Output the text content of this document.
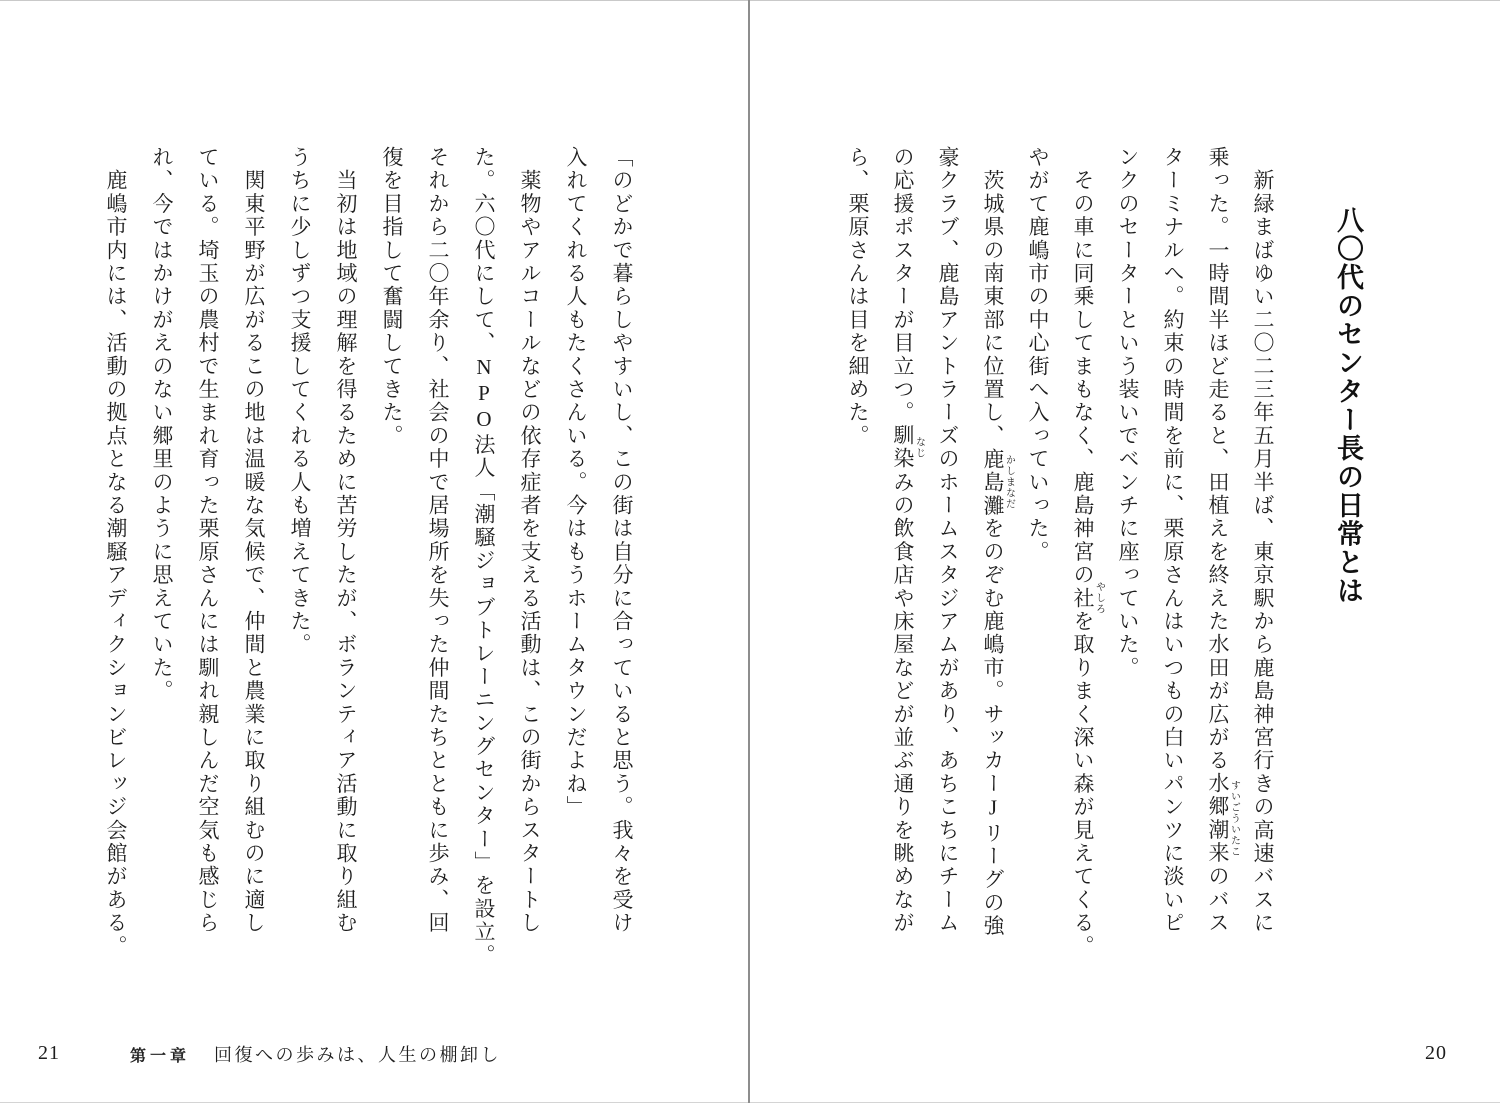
八〇代のセンター長の日常とは
　新緑まばゆい二〇二三年五月半ば、東京駅から鹿島神宮行きの高速バスに
乗った。一時間半ほど走ると、田植えを終えた水田が広がる水郷潮来すいごういたこのバス
ターミナルへ。約束の時間を前に、栗原さんはいつもの白いパンツに淡いピ
ンクのセーターという装いでベンチに座っていた。
　その車に同乗してまもなく、鹿島神宮の社やしろを取りまく深い森が見えてくる。
やがて鹿嶋市の中心街へ入っていった。
　茨城県の南東部に位置し、鹿島灘かしまなだをのぞむ鹿嶋市。サッカーJリーグの強
豪クラブ、鹿島アントラーズのホームスタジアムがあり、あちこちにチーム
の応援ポスターが目立つ。馴染なじみの飲食店や床屋などが並ぶ通りを眺めなが
ら、栗原さんは目を細めた。
20
「のどかで暮らしやすいし、この街は自分に合っていると思う。我々を受け
入れてくれる人もたくさんいる。今はもうホームタウンだよね」
　薬物やアルコールなどの依存症者を支える活動は、この街からスタートし
た。六〇代にして、NPO法人「潮騒ジョブトレーニングセンター」を設立。
それから二〇年余り、社会の中で居場所を失った仲間たちとともに歩み、回
復を目指して奮闘してきた。
　当初は地域の理解を得るために苦労したが、ボランティア活動に取り組む
うちに少しずつ支援してくれる人も増えてきた。
　関東平野が広がるこの地は温暖な気候で、仲間と農業に取り組むのに適し
ている。埼玉の農村で生まれ育った栗原さんには馴れ親しんだ空気も感じら
れ、今ではかけがえのない郷里のように思えていた。
　鹿嶋市内には、活動の拠点となる潮騒アディクションビレッジ会館がある。
第一章 回復への歩みは、人生の棚卸し
21
